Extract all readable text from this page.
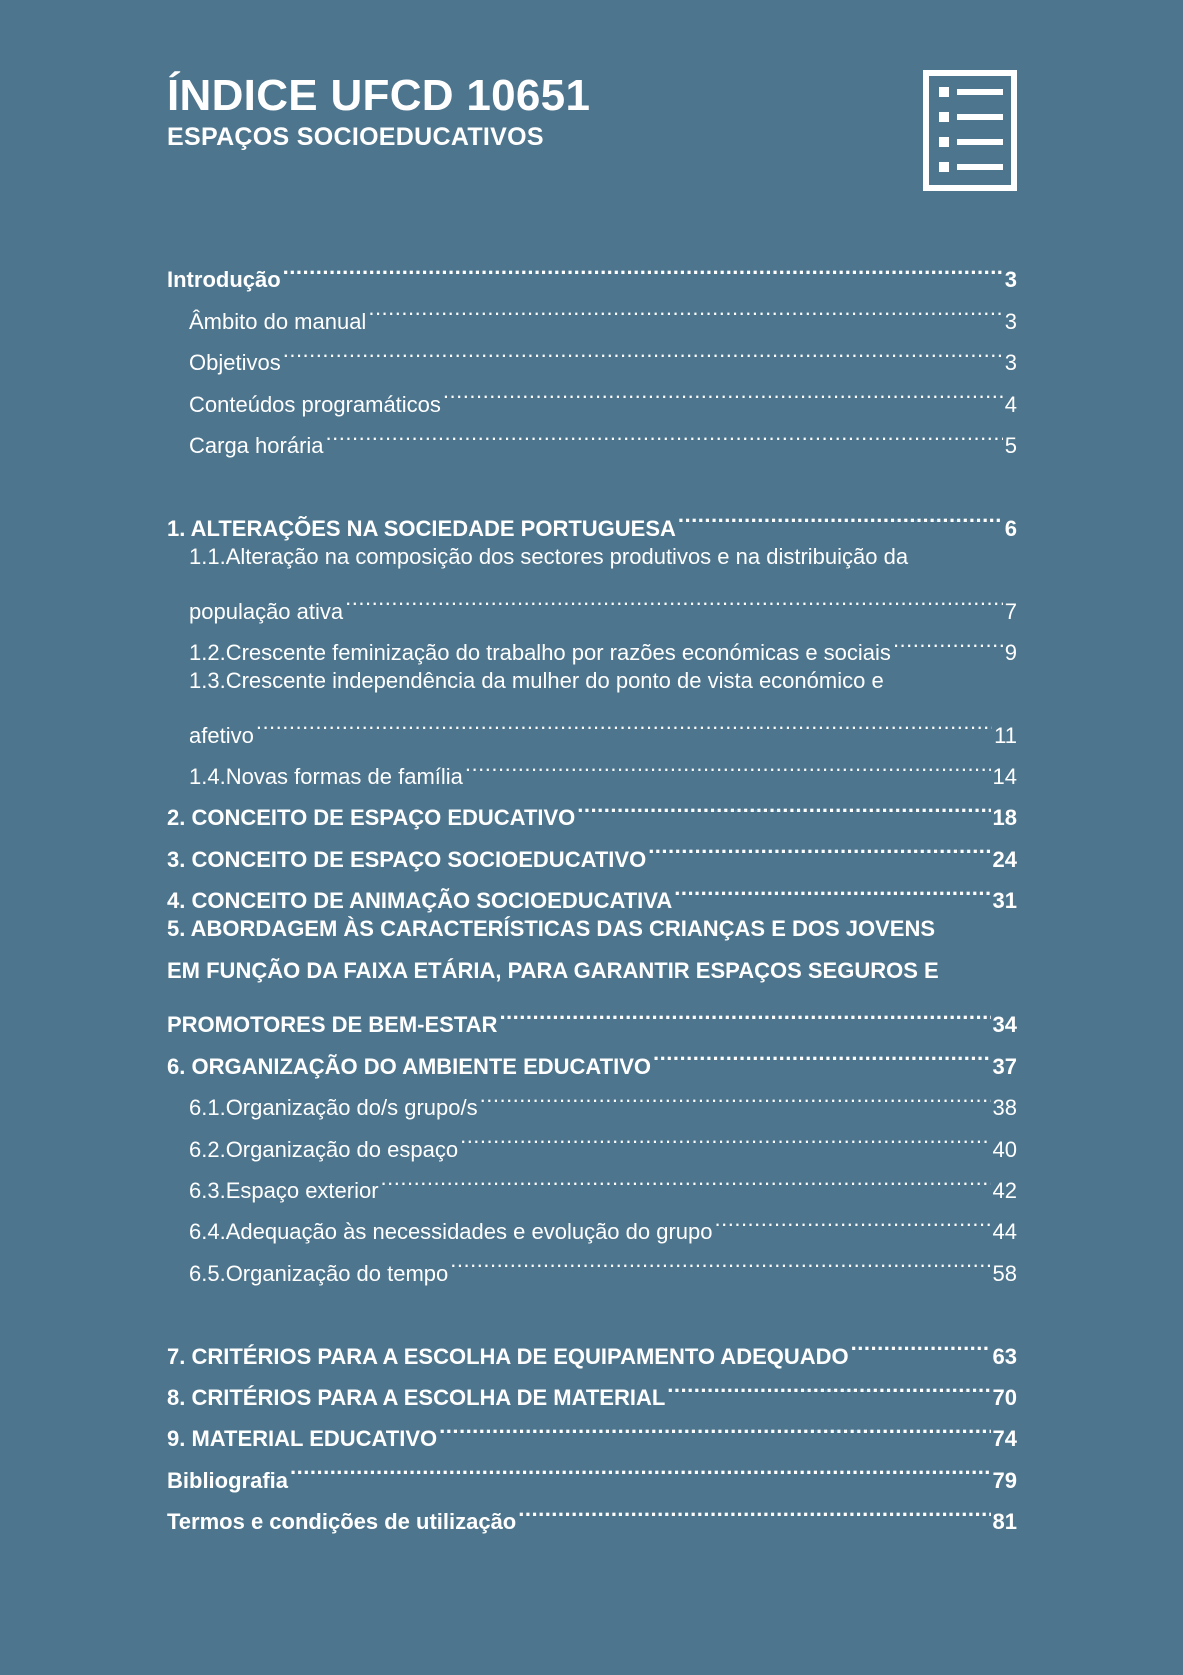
ÍNDICE UFCD 10651
ESPAÇOS SOCIOEDUCATIVOS
Introdução .....	3
Âmbito do manual .....	3
Objetivos .....	3
Conteúdos programáticos .....	4
Carga horária .....	5
1. ALTERAÇÕES NA SOCIEDADE PORTUGUESA .....	6
1.1.Alteração na composição dos sectores produtivos e na distribuição da
população ativa .....	7
1.2.Crescente feminização do trabalho por razões económicas e sociais .....	9
1.3.Crescente independência da mulher do ponto de vista económico e
afetivo .....	11
1.4.Novas formas de família .....	14
2. CONCEITO DE ESPAÇO EDUCATIVO .....	18
3. CONCEITO DE ESPAÇO SOCIOEDUCATIVO .....	24
4. CONCEITO DE ANIMAÇÃO SOCIOEDUCATIVA .....	31
5. ABORDAGEM ÀS CARACTERÍSTICAS DAS CRIANÇAS E DOS JOVENS
EM FUNÇÃO DA FAIXA ETÁRIA, PARA GARANTIR ESPAÇOS SEGUROS E
PROMOTORES DE BEM-ESTAR .....	34
6. ORGANIZAÇÃO DO AMBIENTE EDUCATIVO .....	37
6.1.Organização do/s grupo/s .....	38
6.2.Organização do espaço .....	40
6.3.Espaço exterior .....	42
6.4.Adequação às necessidades e evolução do grupo .....	44
6.5.Organização do tempo .....	58
7. CRITÉRIOS PARA A ESCOLHA DE EQUIPAMENTO ADEQUADO .....	63
8. CRITÉRIOS PARA A ESCOLHA DE MATERIAL .....	70
9. MATERIAL EDUCATIVO .....	74
Bibliografia .....	79
Termos e condições de utilização .....	81
